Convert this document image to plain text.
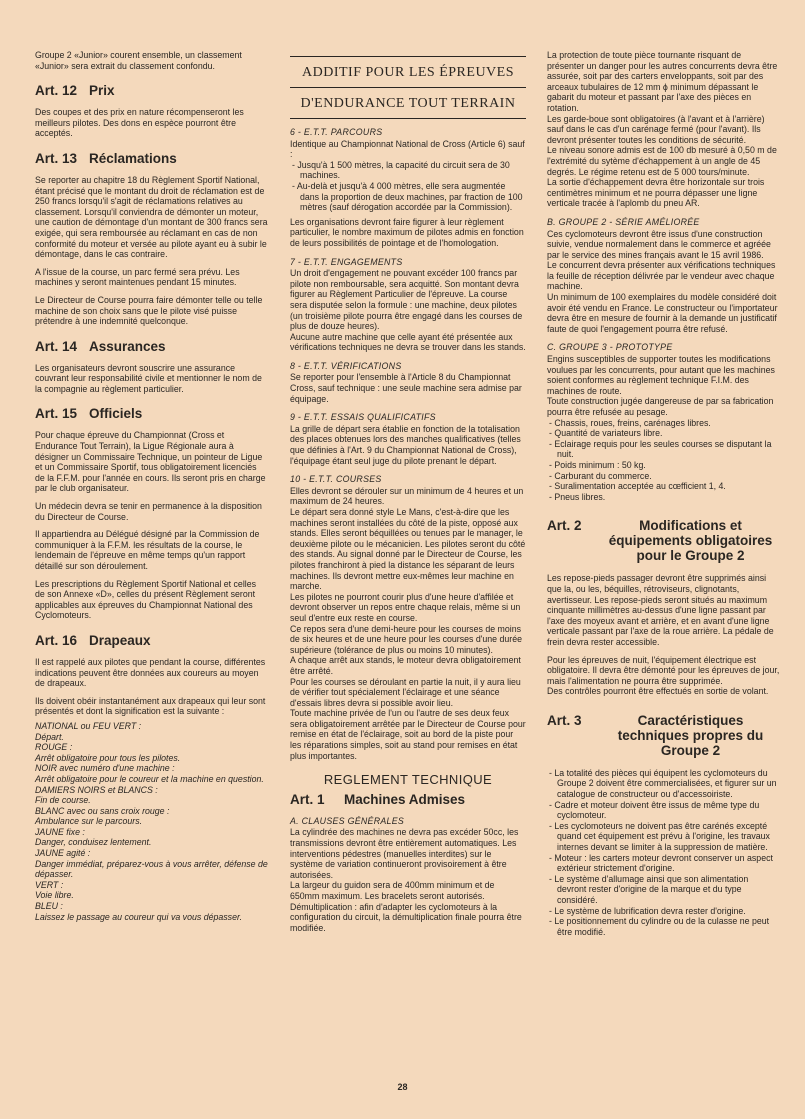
Groupe 2 «Junior» courent ensemble, un classement «Junior» sera extrait du classement confondu.

Art. 12 Prix

Des coupes et des prix en nature récompenseront les meilleurs pilotes. Des dons en espèce pourront être acceptés.

Art. 13 Réclamations

Se reporter au chapitre 18 du Règlement Sportif National, étant précisé que le montant du droit de réclamation est de 250 francs lorsqu'il s'agit de réclamations relatives au classement. Lorsqu'il conviendra de démonter un moteur, une caution de démontage d'un montant de 300 francs sera exigée, qui sera remboursée au réclamant en cas de non conformité du moteur et versée au pilote ayant eu à subir le démontage, dans le cas contraire.

A l'issue de la course, un parc fermé sera prévu. Les machines y seront maintenues pendant 15 minutes.

Le Directeur de Course pourra faire démonter telle ou telle machine de son choix sans que le pilote visé puisse prétendre à une indemnité quelconque.

Art. 14 Assurances

Les organisateurs devront souscrire une assurance couvrant leur responsabilité civile et mentionner le nom de la compagnie au règlement particulier.

Art. 15 Officiels

Pour chaque épreuve du Championnat (Cross et Endurance Tout Terrain), la Ligue Régionale aura à désigner un Commissaire Technique, un pointeur de Ligue et un Commissaire Sportif, tous obligatoirement licenciés de la F.F.M. pour l'année en cours. Ils seront pris en charge par le club organisateur.

Un médecin devra se tenir en permanence à la disposition du Directeur de Course.

Il appartiendra au Délégué désigné par la Commission de communiquer à la F.F.M. les résultats de la course, le lendemain de l'épreuve en même temps qu'un rapport détaillé sur son déroulement.

Les prescriptions du Règlement Sportif National et celles de son Annexe «D», celles du présent Règlement seront applicables aux épreuves du Championnat National des Cyclomoteurs.

Art. 16 Drapeaux

Il est rappelé aux pilotes que pendant la course, différentes indications peuvent être données aux coureurs au moyen de drapeaux.

Ils doivent obéir instantanément aux drapeaux qui leur sont présentés et dont la signification est la suivante :

NATIONAL ou FEU VERT :

Départ.

ROUGE :

Arrêt obligatoire pour tous les pilotes.

NOIR avec numéro d'une machine :

Arrêt obligatoire pour le coureur et la machine en question.

DAMIERS NOIRS et BLANCS :

Fin de course.

BLANC avec ou sans croix rouge :

Ambulance sur le parcours.

JAUNE fixe :

Danger, conduisez lentement.

JAUNE agité :

Danger immédiat, préparez-vous à vous arrêter, défense de dépasser.

VERT :

Voie libre.

BLEU :

Laissez le passage au coureur qui va vous dépasser.

ADDITIF POUR LES ÉPREUVES
D'ENDURANCE TOUT TERRAIN

6 - E.T.T. PARCOURS

Identique au Championnat National de Cross (Article 6) sauf :

- Jusqu'à 1 500 mètres, la capacité du circuit sera de 30 machines.
- Au-delà et jusqu'à 4 000 mètres, elle sera augmentée dans la proportion de deux machines, par fraction de 100 mètres (sauf dérogation accordée par la Commission).

Les organisations devront faire figurer à leur règlement particulier, le nombre maximum de pilotes admis en fonction de leurs possibilités de pointage et de l'homologation.

7 - E.T.T. ENGAGEMENTS

Un droit d'engagement ne pouvant excéder 100 francs par pilote non remboursable, sera acquitté. Son montant devra figurer au Règlement Particulier de l'épreuve. La course sera disputée selon la formule : une machine, deux pilotes (un troisième pilote pourra être engagé dans les courses de plus de douze heures).

Aucune autre machine que celle ayant été présentée aux vérifications techniques ne devra se trouver dans les stands.

8 - E.T.T. VÉRIFICATIONS

Se reporter pour l'ensemble à l'Article 8 du Championnat Cross, sauf technique : une seule machine sera admise par équipage.

9 - E.T.T. ESSAIS QUALIFICATIFS

La grille de départ sera établie en fonction de la totalisation des places obtenues lors des manches qualificatives (telles que définies à l'Art. 9 du Championnat National de Cross), l'équipage étant seul juge du pilote prenant le départ.

10 - E.T.T. COURSES

Elles devront se dérouler sur un minimum de 4 heures et un maximum de 24 heures.

Le départ sera donné style Le Mans, c'est-à-dire que les machines seront installées du côté de la piste, opposé aux stands. Elles seront béquillées ou tenues par le manager, le deuxième pilote ou le mécanicien. Les pilotes seront du côté des stands. Au signal donné par le Directeur de Course, les pilotes franchiront à pied la distance les séparant de leurs machines. Ils devront mettre eux-mêmes leur machine en marche.

Les pilotes ne pourront courir plus d'une heure d'affilée et devront observer un repos entre chaque relais, même si un seul d'entre eux reste en course.

Ce repos sera d'une demi-heure pour les courses de moins de six heures et de une heure pour les courses d'une durée supérieure (tolérance de plus ou moins 10 minutes).

A chaque arrêt aux stands, le moteur devra obligatoirement être arrêté.

Pour les courses se déroulant en partie la nuit, il y aura lieu de vérifier tout spécialement l'éclairage et une séance d'essais libres devra si possible avoir lieu.

Toute machine privée de l'un ou l'autre de ses deux feux sera obligatoirement arrêtée par le Directeur de Course pour remise en état de l'éclairage, soit au bord de la piste pour les réparations simples, soit au stand pour remises en état plus importantes.

REGLEMENT TECHNIQUE
Art. 1 Machines Admises

A. CLAUSES GÉNÉRALES

La cylindrée des machines ne devra pas excéder 50cc, les transmissions devront être entièrement automatiques. Les interventions pédestres (manuelles interdites) sur le système de variation continueront provisoirement à être autorisées.

La largeur du guidon sera de 400mm minimum et de 650mm maximum. Les bracelets seront autorisés.

Démultiplication : afin d'adapter les cyclomoteurs à la configuration du circuit, la démultiplication finale pourra être modifiée.

La protection de toute pièce tournante risquant de présenter un danger pour les autres concurrents devra être assurée, soit par des carters enveloppants, soit par des arceaux tubulaires de 12 mm ϕ minimum dépassant le gabarit du moteur et passant par l'axe des pièces en rotation.

Les garde-boue sont obligatoires (à l'avant et à l'arrière) sauf dans le cas d'un carénage fermé (pour l'avant). Ils devront présenter toutes les conditions de sécurité.

Le niveau sonore admis est de 100 db mesuré à 0,50 m de l'extrémité du sytème d'échappement à un angle de 45 degrés. Le régime retenu est de 5 000 tours/minute.

La sortie d'échappement devra être horizontale sur trois centimètres minimum et ne pourra dépasser une ligne verticale tracée à l'aplomb du pneu AR.

B. GROUPE 2 - SÉRIE AMÉLIORÉE

Ces cyclomoteurs devront être issus d'une construction suivie, vendue normalement dans le commerce et agréée par le service des mines français avant le 15 avril 1986.

Le concurrent devra présenter aux vérifications techniques la feuille de réception délivrée par le vendeur avec chaque machine.

Un minimum de 100 exemplaires du modèle considéré doit avoir été vendu en France. Le constructeur ou l'importateur devra être en mesure de fournir à la demande un justificatif faute de quoi l'engagement pourra être refusé.

C. GROUPE 3 - PROTOTYPE

Engins susceptibles de supporter toutes les modifications voulues par les concurrents, pour autant que les machines soient conformes au règlement technique F.I.M. des machines de route.

Toute construction jugée dangereuse de par sa fabrication pourra être refusée au pesage.

- Chassis, roues, freins, carénages libres.
- Quantité de variateurs libre.
- Eclairage requis pour les seules courses se disputant la nuit.
- Poids minimum : 50 kg.
- Carburant du commerce.
- Suralimentation acceptée au cœfficient 1, 4.
- Pneus libres.
Art. 2	Modifications et équipements obligatoires pour le Groupe 2

Les repose-pieds passager devront être supprimés ainsi que la, ou les, béquilles, rétroviseurs, clignotants, avertisseur. Les repose-pieds seront situés au maximum cinquante millimètres au-dessus d'une ligne passant par l'axe des moyeux avant et arrière, et en avant d'une ligne verticale passant par l'axe de la roue arrière. La pédale de frein devra rester accessible.

Pour les épreuves de nuit, l'équipement électrique est obligatoire. Il devra être démonté pour les épreuves de jour, mais l'alimentation ne pourra être supprimée.

Des contrôles pourront être effectués en sortie de volant.

Art. 3	Caractéristiques techniques propres du Groupe 2
- La totalité des pièces qui équipent les cyclomoteurs du Groupe 2 doivent être commercialisées, et figurer sur un catalogue de constructeur ou d'accessoiriste.
- Cadre et moteur doivent être issus de même type du cyclomoteur.
- Les cyclomoteurs ne doivent pas être carénés excepté quand cet équipement est prévu à l'origine, les travaux internes devant se limiter à la suppression de matière.
- Moteur : les carters moteur devront conserver un aspect extérieur strictement d'origine.
- Le système d'allumage ainsi que son alimentation devront rester d'origine de la marque et du type considéré.
- Le système de lubrification devra rester d'origine.
- Le positionnement du cylindre ou de la culasse ne peut être modifié.
28
